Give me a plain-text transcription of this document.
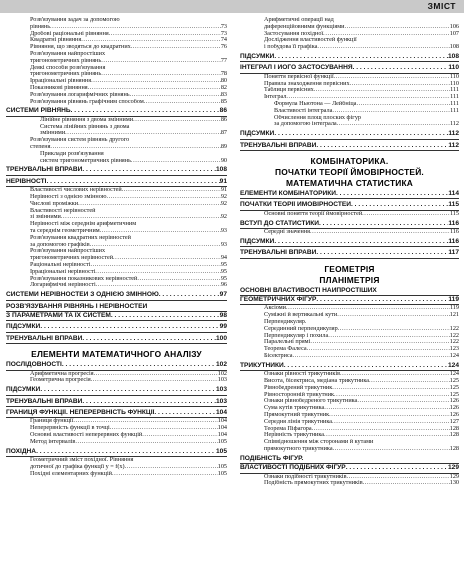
ЗМІСТ
Розв'язування задач за допомогою
рівнянь .....	73
Дробові раціональні рівняння .....	73
Квадратні рівняння .....	74
Рівняння, що зводяться до квадратних .....	76
Розв'язування найпростіших
тригонометричних рівнянь .....	77
Деякі способи розв'язування
тригонометричних рівнянь .....	78
Ірраціональні рівняння .....	80
Показникові рівняння .....	82
Розв'язування логарифмічних рівнянь .....	83
Розв'язування рівнянь графічним способом .....	85
СИСТЕМИ РІВНЯНЬ . . .	86
Лінійне рівняння з двома змінними .....	86
Система лінійних рівнянь з двома
змінними .....	87
Розв'язування систем рівнянь другого
степеня .....	89
Приклади розв'язування
систем тригонометричних рівнянь .....	90
ТРЕНУВАЛЬНІ ВПРАВИ . . .	108
НЕРІВНОСТІ . . .	91
Властивості числових нерівностей .....	91
Нерівності з однією змінною .....	92
Числові проміжки .....	92
Властивості нерівностей
зі змінними .....	92
Нерівності між середнім арифметичним
та середнім геометричним .....	93
Розв'язування квадратних нерівностей
за допомогою графіків .....	93
Розв'язування найпростіших
тригонометричних нерівностей .....	94
Раціональні нерівності .....	95
Ірраціональні нерівності .....	95
Розв'язування показникових нерівностей .....	95
Логарифмічні нерівності .....	96
СИСТЕМИ НЕРІВНОСТЕЙ З ОДНІЄЮ ЗМІННОЮ . . .	97
РОЗВ'ЯЗУВАННЯ РІВНЯНЬ І НЕРІВНОСТЕЙ
З ПАРАМЕТРАМИ ТА ЇХ СИСТЕМ . . .	98
ПІДСУМКИ . . .	99
ТРЕНУВАЛЬНІ ВПРАВИ . . .	100
ЕЛЕМЕНТИ МАТЕМАТИЧНОГО АНАЛІЗУ
ПОСЛІДОВНОСТІ . . .	102
Арифметична прогресія .....	102
Геометрична прогресія .....	103
ПІДСУМКИ . . .	103
ТРЕНУВАЛЬНІ ВПРАВИ . . .	103
ГРАНИЦЯ ФУНКЦІЇ. НЕПЕРЕРВНІСТЬ ФУНКЦІЇ . . .	104
Границя функції .....	104
Неперервність функції в точці .....	104
Основні властивості неперервних функцій .....	104
Метод інтервалів .....	105
ПОХІДНА . . .	105
Геометричний зміст похідної. Рівняння
дотичної до графіка функції y = f(x) .....	105
Похідні елементарних функцій .....	105
Арифметичні операції над
диференційовними функціями .....	106
Застосування похідної .....	107
Дослідження властивостей функції
і побудова її графіка .....	108
ПІДСУМКИ . . .	108
ІНТЕГРАЛ І ЙОГО ЗАСТОСУВАННЯ . . .	110
Поняття первісної функції .....	110
Правила знаходження первісних .....	110
Таблиця первісних .....	111
Інтеграл .....	111
Формула Ньютона — Лейбніца .....	111
Властивості інтеграла .....	111
Обчислення площ плоских фігур
за допомогою інтеграла .....	112
ПІДСУМКИ . . .	112
ТРЕНУВАЛЬНІ ВПРАВИ . . .	112
КОМБІНАТОРИКА.
ПОЧАТКИ ТЕОРІЇ ЙМОВІРНОСТЕЙ.
МАТЕМАТИЧНА СТАТИСТИКА
ЕЛЕМЕНТИ КОМБІНАТОРИКИ . . .	114
ПОЧАТКИ ТЕОРІЇ ЙМОВІРНОСТЕЙ . . .	115
Основні поняття теорії ймовірностей .....	115
ВСТУП ДО СТАТИСТИКИ . . .	116
Середні значення .....	116
ПІДСУМКИ . . .	116
ТРЕНУВАЛЬНІ ВПРАВИ . . .	117
ГЕОМЕТРІЯ
ПЛАНІМЕТРІЯ
ОСНОВНІ ВЛАСТИВОСТІ НАЙПРОСТІШИХ
ГЕОМЕТРИЧНИХ ФІГУР . . .	119
Аксіоми .....	119
Суміжні й вертикальні кути .....	121
Перпендикуляр.
Серединний перпендикуляр .....	122
Перпендикуляр і похила .....	122
Паралельні прямі .....	122
Теорема Фалеса .....	123
Бісектриса .....	124
ТРИКУТНИКИ . . .	124
Ознаки рівності трикутників .....	124
Висота, бісектриса, медіана трикутника .....	125
Рівнобедрений трикутник .....	125
Рівносторонній трикутник .....	125
Ознаки рівнобедреного трикутника .....	126
Сума кутів трикутника .....	126
Прямокутний трикутник .....	126
Середня лінія трикутника .....	127
Теорема Піфагора .....	128
Нерівність трикутника .....	128
Співвідношення між сторонами й кутами
прямокутного трикутника .....	128
ПОДІБНІСТЬ ФІГУР.
ВЛАСТИВОСТІ ПОДІБНИХ ФІГУР . . .	129
Ознаки подібності трикутників .....	129
Подібність прямокутних трикутників .....	130
